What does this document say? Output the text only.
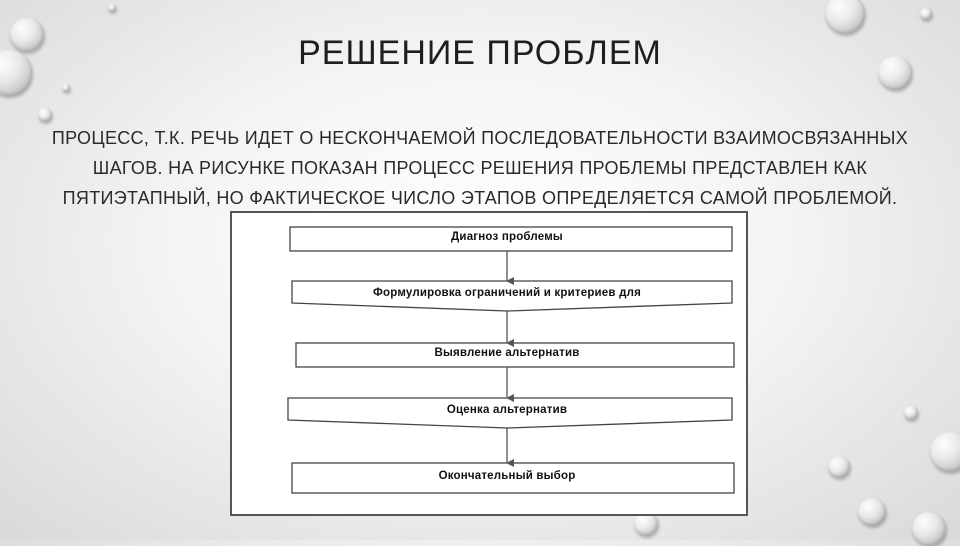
РЕШЕНИЕ ПРОБЛЕМ
ПРОЦЕСС, Т.К. РЕЧЬ ИДЕТ О НЕСКОНЧАЕМОЙ ПОСЛЕДОВАТЕЛЬНОСТИ ВЗАИМОСВЯЗАННЫХ ШАГОВ. НА РИСУНКЕ ПОКАЗАН ПРОЦЕСС РЕШЕНИЯ ПРОБЛЕМЫ ПРЕДСТАВЛЕН КАК ПЯТИЭТАПНЫЙ, НО ФАКТИЧЕСКОЕ ЧИСЛО ЭТАПОВ ОПРЕДЕЛЯЕТСЯ САМОЙ ПРОБЛЕМОЙ.
Диагноз проблемы
Формулировка ограничений и критериев для
Выявление альтернатив
Оценка альтернатив
Окончательный выбор
